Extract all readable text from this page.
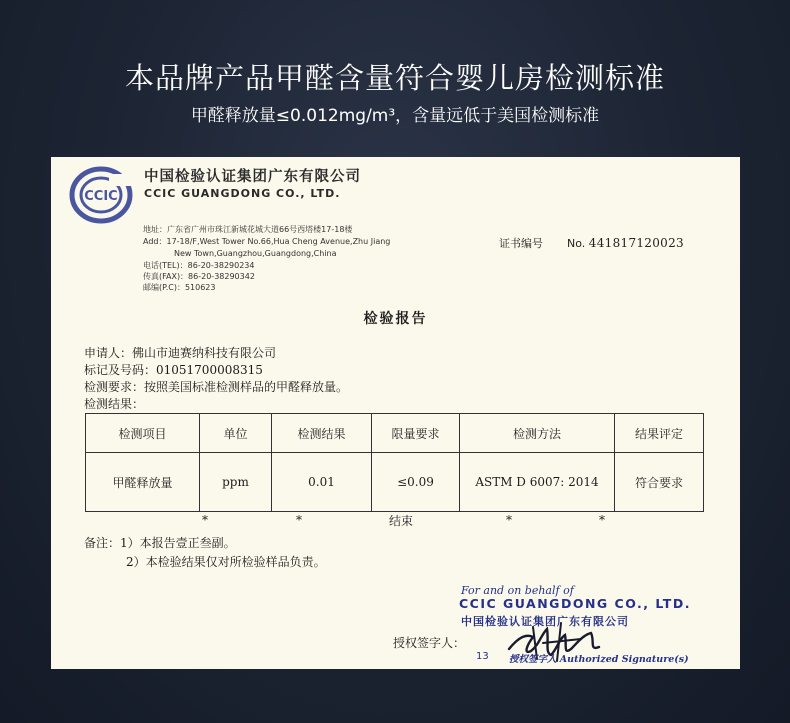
本品牌产品甲醛含量符合婴儿房检测标准
甲醛释放量≤0.012mg/m³，含量远低于美国检测标准
CCIC
中国检验认证集团广东有限公司
CCIC GUANGDONG CO., LTD.
地址：广东省广州市珠江新城花城大道66号西塔楼17-18楼
Add：17-18/F,West Tower No.66,Hua Cheng Avenue,Zhu Jiang
New Town,Guangzhou,Guangdong,China
电话(TEL)：86-20-38290234
传真(FAX)：86-20-38290342
邮编(P.C)：510623
证书编号 No. 441817120023
检验报告
申请人：佛山市迪赛纳科技有限公司
标记及号码：01051700008315
检测要求：按照美国标准检测样品的甲醛释放量。
检测结果：
检测项目	单位	检测结果	限量要求	检测方法	结果评定
甲醛释放量	ppm	0.01	≤0.09	ASTM D 6007: 2014	符合要求
*	*	结束	*	*
备注：1）本报告壹正叁副。
2）本检验结果仅对所检验样品负责。
For and on behalf of
CCIC GUANGDONG CO., LTD.
中国检验认证集团广东有限公司
授权签字人：
13 授权签字人 Authorized Signature(s)
